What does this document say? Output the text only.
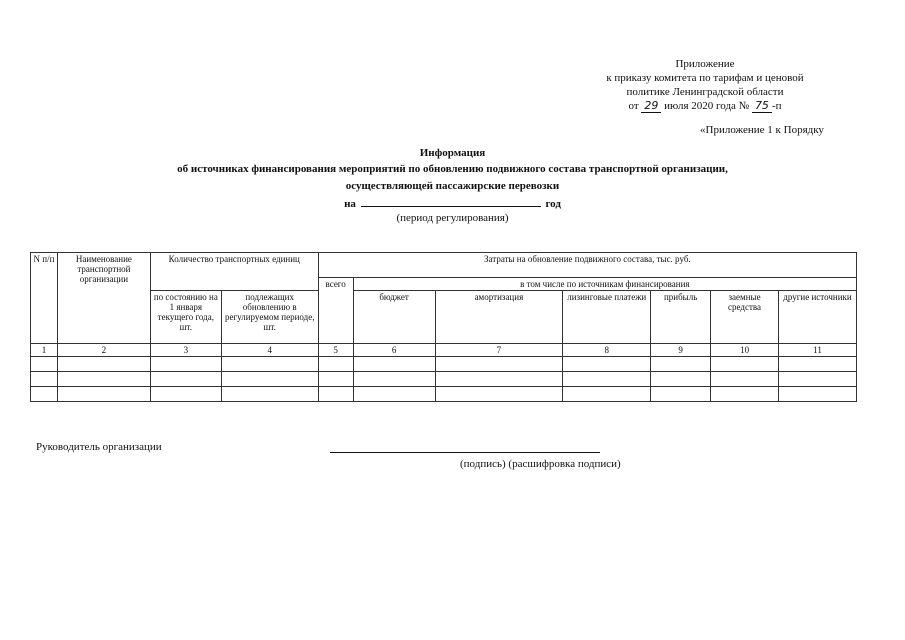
Приложение
к приказу комитета по тарифам и ценовой
политике Ленинградской области
от 29 июля 2020 года № 75 -п
«Приложение 1 к Порядку
Информация
об источниках финансирования мероприятий по обновлению подвижного состава транспортной организации,
осуществляющей пассажирские перевозки
на	год
(период регулирования)
N п/п	Наименование транспортной организации	Количество транспортных единиц		Затраты на обновление подвижного состава, тыс. руб.						
				всего	в том числе по источникам финансирования					
		по состоянию на 1 января текущего года, шт.	подлежащих обновлению в регулируемом периоде, шт.		бюджет	амортизация	лизинговые платежи	прибыль	заемные средства	другие источники
1	2	3	4	5	6	7	8	9	10	11

Руководитель организации
(подпись) (расшифровка подписи)
